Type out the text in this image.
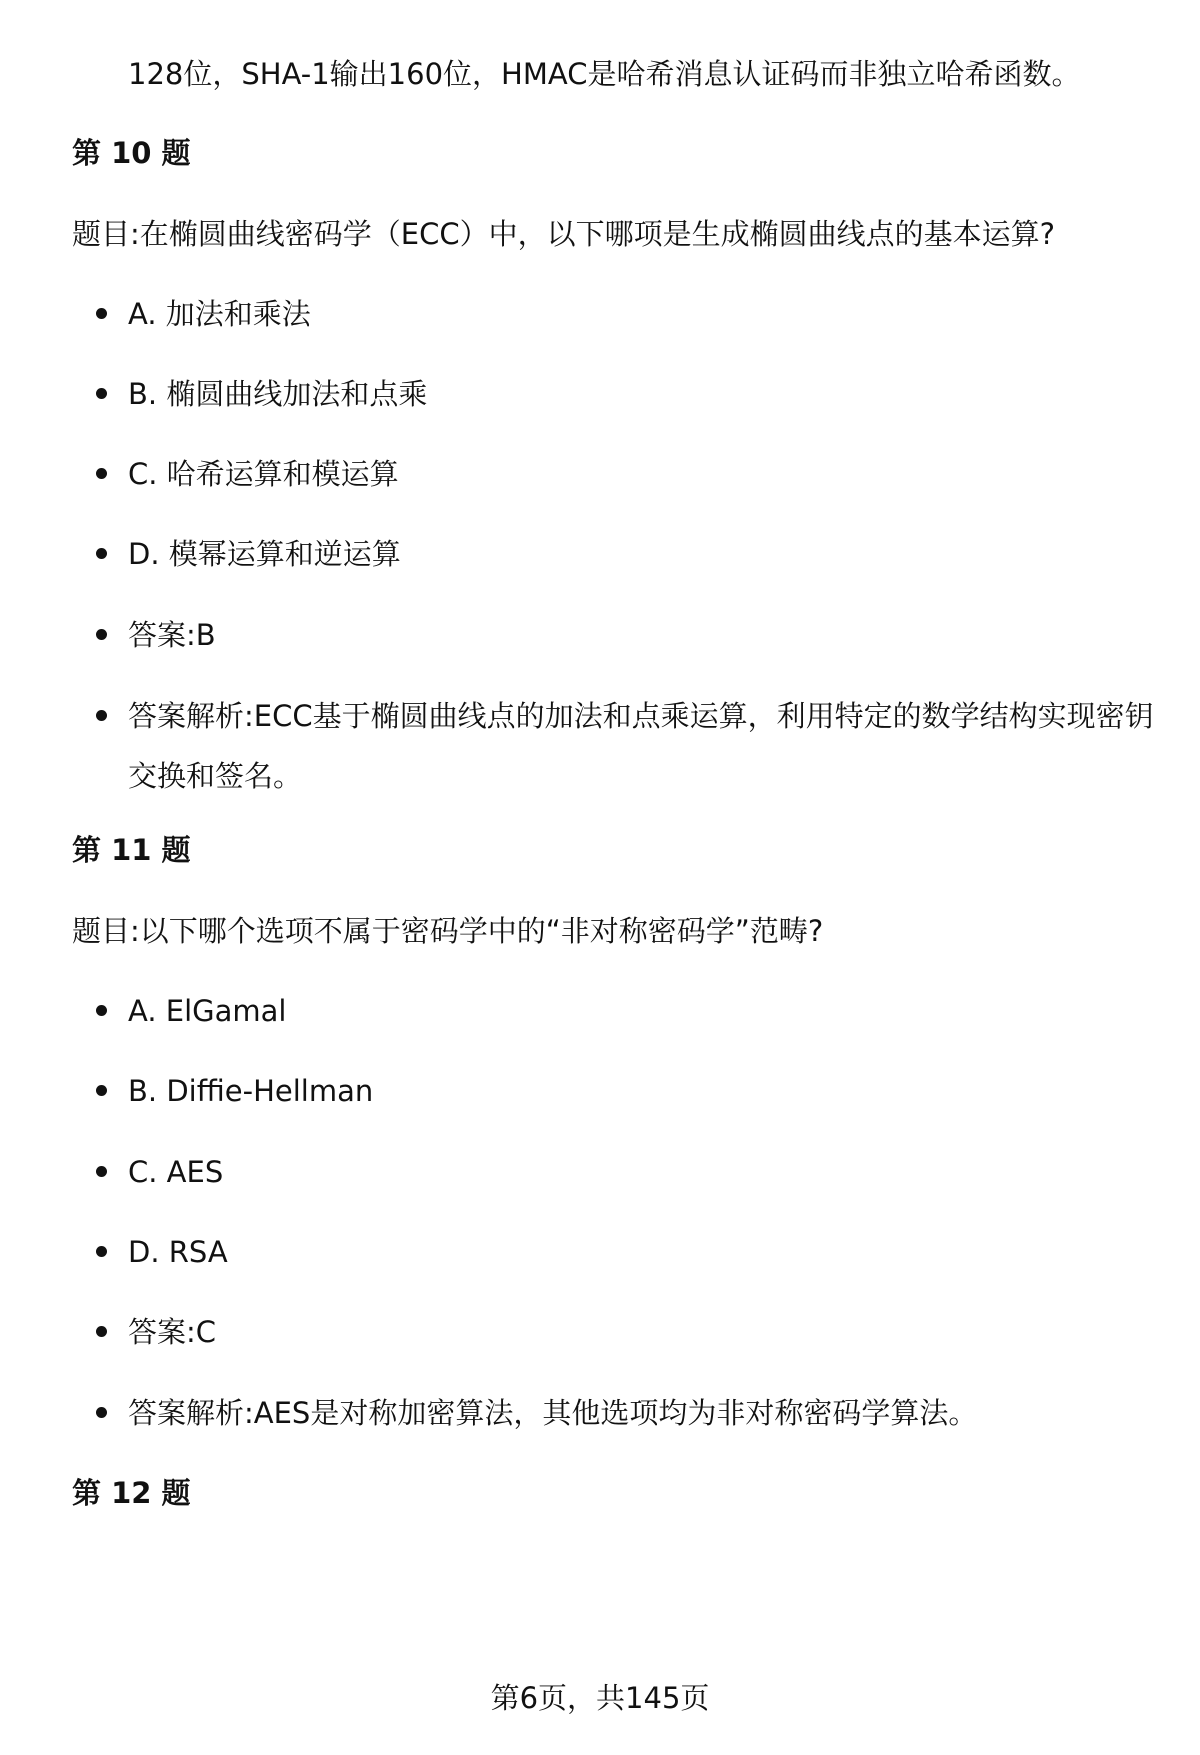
128位，SHA-1输出160位，HMAC是哈希消息认证码而非独立哈希函数。
第 10 题
题目:在椭圆曲线密码学（ECC）中，以下哪项是生成椭圆曲线点的基本运算?
A. 加法和乘法
B. 椭圆曲线加法和点乘
C. 哈希运算和模运算
D. 模幂运算和逆运算
答案:B
答案解析:ECC基于椭圆曲线点的加法和点乘运算，利用特定的数学结构实现密钥交换和签名。
第 11 题
题目:以下哪个选项不属于密码学中的“非对称密码学”范畴?
A. ElGamal
B. Diffie-Hellman
C. AES
D. RSA
答案:C
答案解析:AES是对称加密算法，其他选项均为非对称密码学算法。
第 12 题
第6页，共145页
